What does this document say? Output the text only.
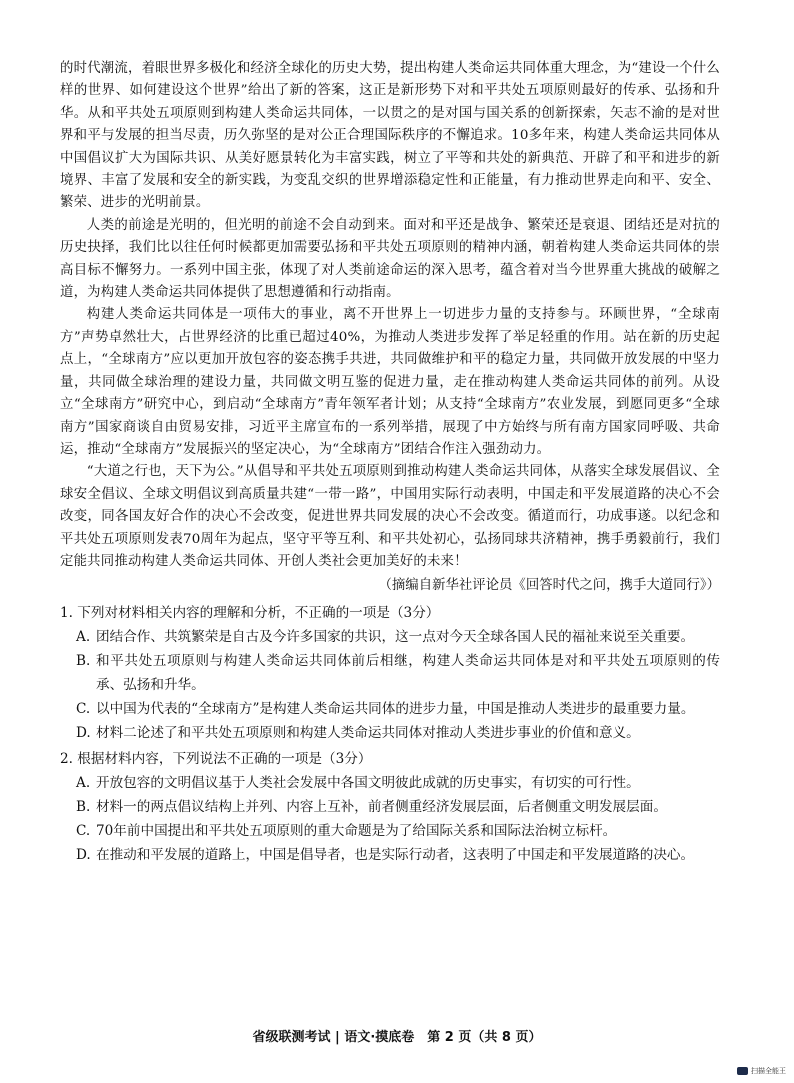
的时代潮流，着眼世界多极化和经济全球化的历史大势，提出构建人类命运共同体重大理念，为“建设一个什么样的世界、如何建设这个世界”给出了新的答案，这正是新形势下对和平共处五项原则最好的传承、弘扬和升华。从和平共处五项原则到构建人类命运共同体，一以贯之的是对国与国关系的创新探索，矢志不渝的是对世界和平与发展的担当尽责，历久弥坚的是对公正合理国际秩序的不懈追求。10多年来，构建人类命运共同体从中国倡议扩大为国际共识、从美好愿景转化为丰富实践，树立了平等和共处的新典范、开辟了和平和进步的新境界、丰富了发展和安全的新实践，为变乱交织的世界增添稳定性和正能量，有力推动世界走向和平、安全、繁荣、进步的光明前景。

人类的前途是光明的，但光明的前途不会自动到来。面对和平还是战争、繁荣还是衰退、团结还是对抗的历史抉择，我们比以往任何时候都更加需要弘扬和平共处五项原则的精神内涵，朝着构建人类命运共同体的崇高目标不懈努力。一系列中国主张，体现了对人类前途命运的深入思考，蕴含着对当今世界重大挑战的破解之道，为构建人类命运共同体提供了思想遵循和行动指南。

构建人类命运共同体是一项伟大的事业，离不开世界上一切进步力量的支持参与。环顾世界，“全球南方”声势卓然壮大，占世界经济的比重已超过40%，为推动人类进步发挥了举足轻重的作用。站在新的历史起点上，“全球南方”应以更加开放包容的姿态携手共进，共同做维护和平的稳定力量，共同做开放发展的中坚力量，共同做全球治理的建设力量，共同做文明互鉴的促进力量，走在推动构建人类命运共同体的前列。从设立“全球南方”研究中心，到启动“全球南方”青年领军者计划；从支持“全球南方”农业发展，到愿同更多“全球南方”国家商谈自由贸易安排，习近平主席宣布的一系列举措，展现了中方始终与所有南方国家同呼吸、共命运，推动“全球南方”发展振兴的坚定决心，为“全球南方”团结合作注入强劲动力。

“大道之行也，天下为公。”从倡导和平共处五项原则到推动构建人类命运共同体，从落实全球发展倡议、全球安全倡议、全球文明倡议到高质量共建“一带一路”，中国用实际行动表明，中国走和平发展道路的决心不会改变，同各国友好合作的决心不会改变，促进世界共同发展的决心不会改变。循道而行，功成事遂。以纪念和平共处五项原则发表70周年为起点，坚守平等互利、和平共处初心，弘扬同球共济精神，携手勇毅前行，我们定能共同推动构建人类命运共同体、开创人类社会更加美好的未来！

（摘编自新华社评论员《回答时代之问，携手大道同行》）

1. 下列对材料相关内容的理解和分析，不正确的一项是（3分）

A. 团结合作、共筑繁荣是自古及今许多国家的共识，这一点对今天全球各国人民的福祉来说至关重要。
B. 和平共处五项原则与构建人类命运共同体前后相继，构建人类命运共同体是对和平共处五项原则的传承、弘扬和升华。
C. 以中国为代表的“全球南方”是构建人类命运共同体的进步力量，中国是推动人类进步的最重要力量。
D. 材料二论述了和平共处五项原则和构建人类命运共同体对推动人类进步事业的价值和意义。

2. 根据材料内容，下列说法不正确的一项是（3分）

A. 开放包容的文明倡议基于人类社会发展中各国文明彼此成就的历史事实，有切实的可行性。
B. 材料一的两点倡议结构上并列、内容上互补，前者侧重经济发展层面，后者侧重文明发展层面。
C. 70年前中国提出和平共处五项原则的重大命题是为了给国际关系和国际法治树立标杆。
D. 在推动和平发展的道路上，中国是倡导者，也是实际行动者，这表明了中国走和平发展道路的决心。
省级联测考试 | 语文·摸底卷　第 2 页（共 8 页）
扫描全能王
